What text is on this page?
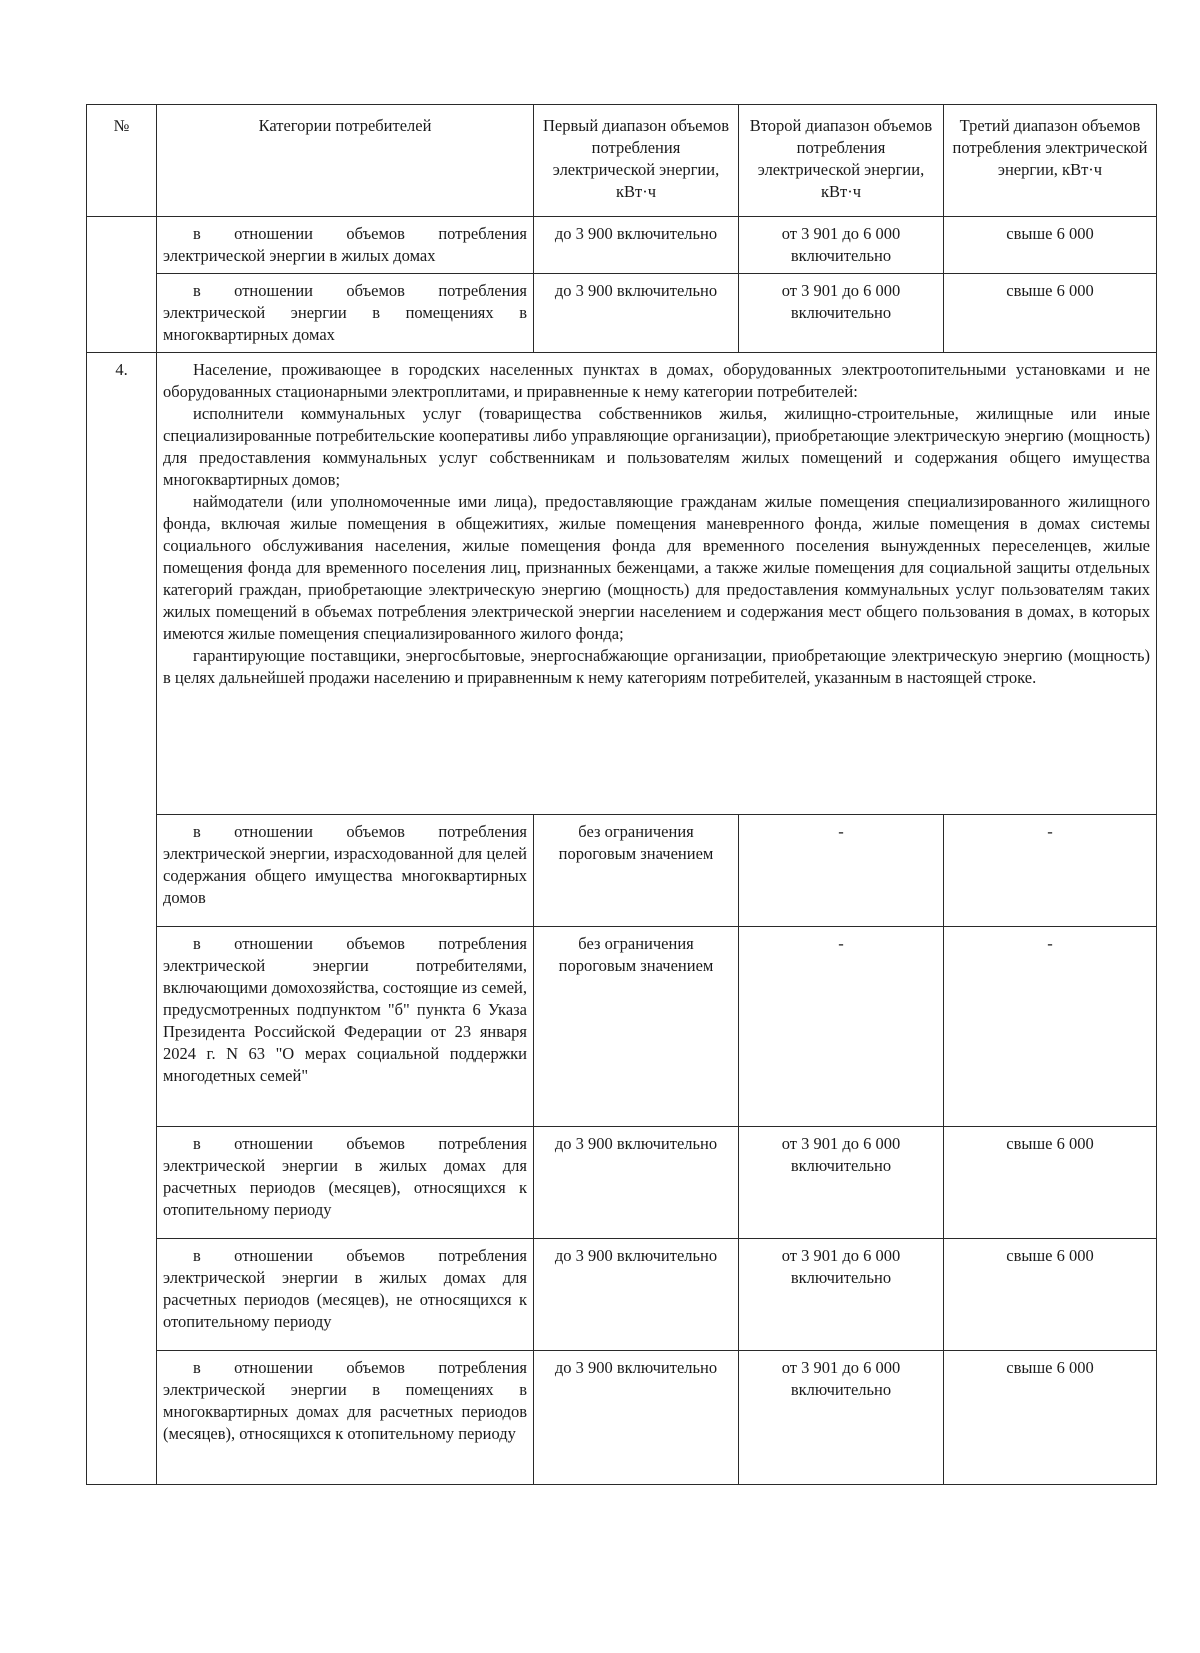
№	Категории потребителей	Первый диапазон объемов потребления электрической энергии, кВт·ч	Второй диапазон объемов потребления электрической энергии, кВт·ч	Третий диапазон объемов потребления электрической энергии, кВт·ч
	в отношении объемов потребления электрической энергии в жилых домах	до 3 900 включительно	от 3 901 до 6 000 включительно	свыше 6 000
	в отношении объемов потребления электрической энергии в помещениях в многоквартирных домах	до 3 900 включительно	от 3 901 до 6 000 включительно	свыше 6 000
4.	Население, проживающее в городских населенных пунктах в домах, оборудованных электроотопительными установками и не оборудованных стационарными электроплитами, и приравненные к нему категории потребителей:
исполнители коммунальных услуг (товарищества собственников жилья, жилищно-строительные, жилищные или иные специализированные потребительские кооперативы либо управляющие организации), приобретающие электрическую энергию (мощность) для предоставления коммунальных услуг собственникам и пользователям жилых помещений и содержания общего имущества многоквартирных домов;
наймодатели (или уполномоченные ими лица), предоставляющие гражданам жилые помещения специализированного жилищного фонда, включая жилые помещения в общежитиях, жилые помещения маневренного фонда, жилые помещения в домах системы социального обслуживания населения, жилые помещения фонда для временного поселения вынужденных переселенцев, жилые помещения фонда для временного поселения лиц, признанных беженцами, а также жилые помещения для социальной защиты отдельных категорий граждан, приобретающие электрическую энергию (мощность) для предоставления коммунальных услуг пользователям таких жилых помещений в объемах потребления электрической энергии населением и содержания мест общего пользования в домах, в которых имеются жилые помещения специализированного жилого фонда;
гарантирующие поставщики, энергосбытовые, энергоснабжающие организации, приобретающие электрическую энергию (мощность) в целях дальнейшей продажи населению и приравненным к нему категориям потребителей, указанным в настоящей строке.			

	в отношении объемов потребления электрической энергии, израсходованной для целей содержания общего имущества многоквартирных домов	без ограничения пороговым значением	-	-
	в отношении объемов потребления электрической энергии потребителями, включающими домохозяйства, состоящие из семей, предусмотренных подпунктом "б" пункта 6 Указа Президента Российской Федерации от 23 января 2024 г. N 63 "О мерах социальной поддержки многодетных семей"	без ограничения пороговым значением	-	-
	в отношении объемов потребления электрической энергии в жилых домах для расчетных периодов (месяцев), относящихся к отопительному периоду	до 3 900 включительно	от 3 901 до 6 000 включительно	свыше 6 000
	в отношении объемов потребления электрической энергии в жилых домах для расчетных периодов (месяцев), не относящихся к отопительному периоду	до 3 900 включительно	от 3 901 до 6 000 включительно	свыше 6 000
	в отношении объемов потребления электрической энергии в помещениях в многоквартирных домах для расчетных периодов (месяцев), относящихся к отопительному периоду	до 3 900 включительно	от 3 901 до 6 000 включительно	свыше 6 000
